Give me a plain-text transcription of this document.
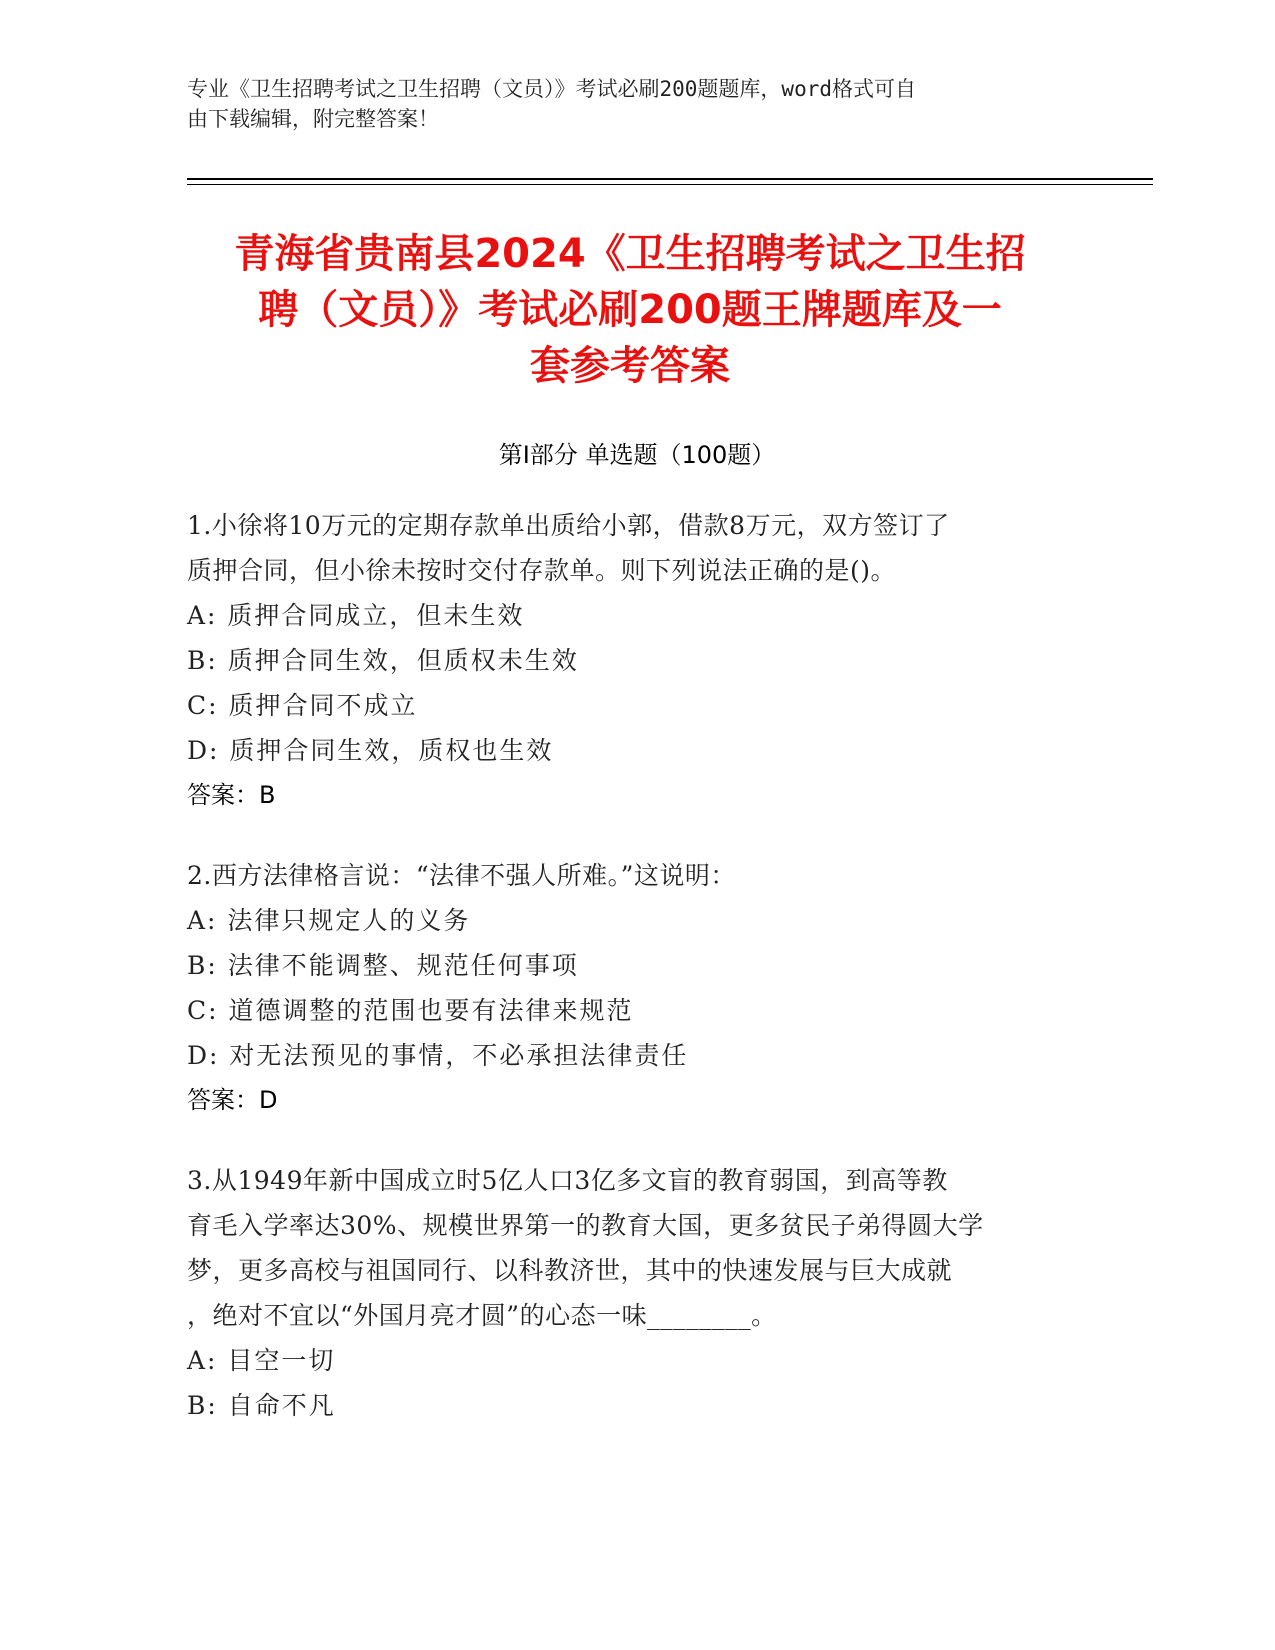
专业《卫生招聘考试之卫生招聘（文员）》考试必刷200题题库，word格式可自
由下载编辑，附完整答案！
青海省贵南县2024《卫生招聘考试之卫生招
聘（文员）》考试必刷200题王牌题库及一
套参考答案
第Ⅰ部分 单选题（100题）
1.小徐将10万元的定期存款单出质给小郭，借款8万元，双方签订了
质押合同，但小徐未按时交付存款单。则下列说法正确的是()。
A: 质押合同成立，但未生效
B: 质押合同生效，但质权未生效
C: 质押合同不成立
D: 质押合同生效，质权也生效
答案：B
2.西方法律格言说：“法律不强人所难。”这说明：
A: 法律只规定人的义务
B: 法律不能调整、规范任何事项
C: 道德调整的范围也要有法律来规范
D: 对无法预见的事情，不必承担法律责任
答案：D
3.从1949年新中国成立时5亿人口3亿多文盲的教育弱国，到高等教
育毛入学率达30%、规模世界第一的教育大国，更多贫民子弟得圆大学
梦，更多高校与祖国同行、以科教济世，其中的快速发展与巨大成就
，绝对不宜以“外国月亮才圆”的心态一味________。
A: 目空一切
B: 自命不凡
